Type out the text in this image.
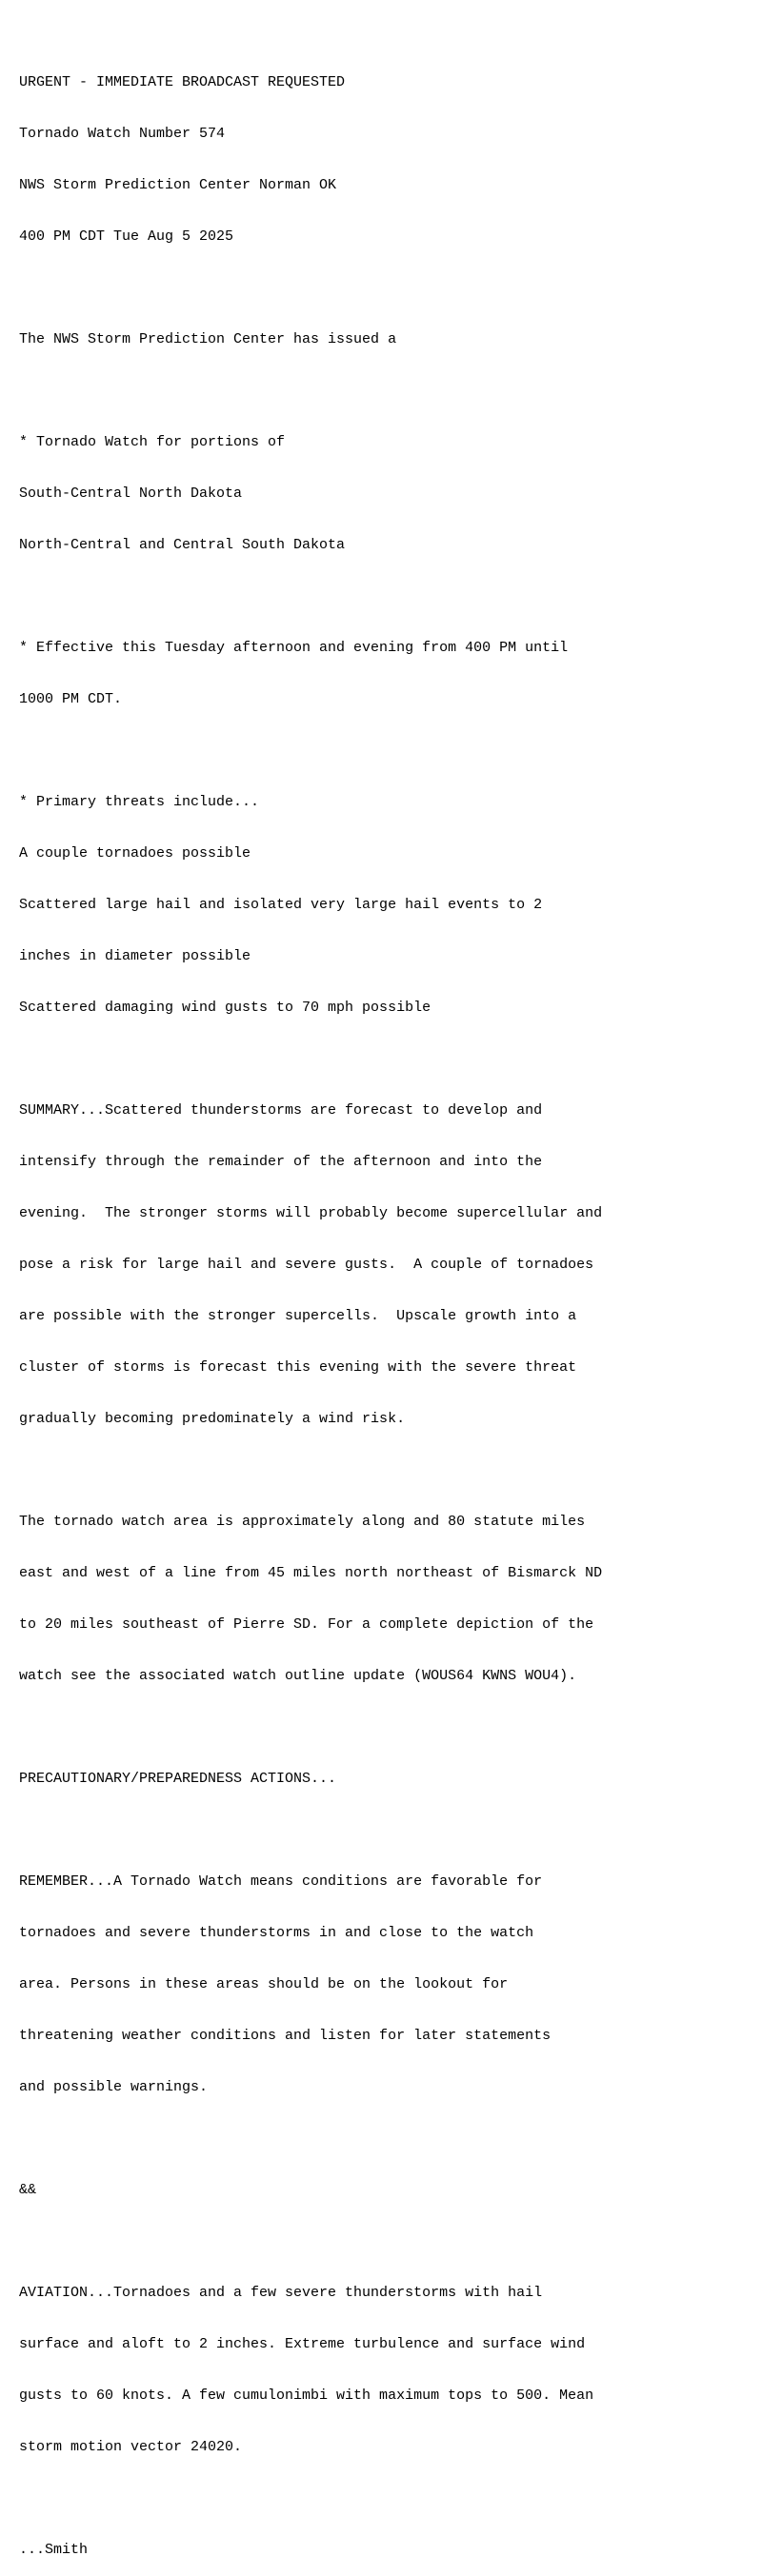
URGENT - IMMEDIATE BROADCAST REQUESTED

Tornado Watch Number 574

NWS Storm Prediction Center Norman OK

400 PM CDT Tue Aug 5 2025

The NWS Storm Prediction Center has issued a

* Tornado Watch for portions of

South-Central North Dakota

North-Central and Central South Dakota

* Effective this Tuesday afternoon and evening from 400 PM until

1000 PM CDT.

* Primary threats include...

A couple tornadoes possible

Scattered large hail and isolated very large hail events to 2

inches in diameter possible

Scattered damaging wind gusts to 70 mph possible

SUMMARY...Scattered thunderstorms are forecast to develop and

intensify through the remainder of the afternoon and into the

evening.  The stronger storms will probably become supercellular and

pose a risk for large hail and severe gusts.  A couple of tornadoes

are possible with the stronger supercells.  Upscale growth into a

cluster of storms is forecast this evening with the severe threat

gradually becoming predominately a wind risk.

The tornado watch area is approximately along and 80 statute miles

east and west of a line from 45 miles north northeast of Bismarck ND

to 20 miles southeast of Pierre SD. For a complete depiction of the

watch see the associated watch outline update (WOUS64 KWNS WOU4).

PRECAUTIONARY/PREPAREDNESS ACTIONS...

REMEMBER...A Tornado Watch means conditions are favorable for

tornadoes and severe thunderstorms in and close to the watch

area. Persons in these areas should be on the lookout for

threatening weather conditions and listen for later statements

and possible warnings.

&&

AVIATION...Tornadoes and a few severe thunderstorms with hail

surface and aloft to 2 inches. Extreme turbulence and surface wind

gusts to 60 knots. A few cumulonimbi with maximum tops to 500. Mean

storm motion vector 24020.

...Smith
